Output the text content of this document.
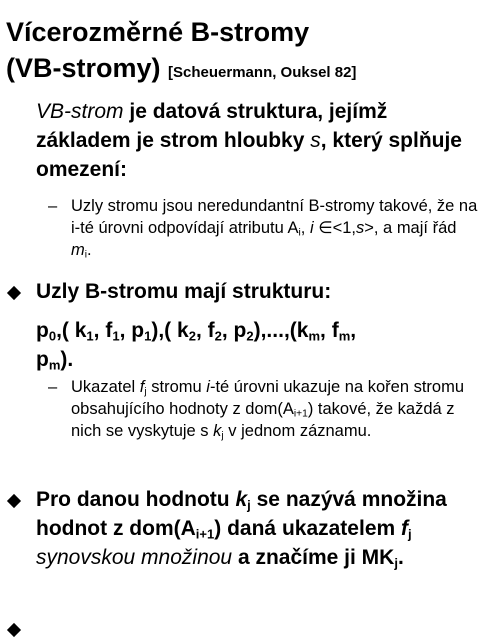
Vícerozměrné B-stromy
(VB-stromy) [Scheuermann, Ouksel 82]
VB-strom je datová struktura, jejímž základem je strom hloubky s, který splňuje omezení:
– Uzly stromu jsou neredundantní B-stromy takové, že na i-té úrovni odpovídají atributu $A_i$, i ∈<1,s>, a mají řád $m_i$.
Uzly B-stromu mají strukturu:
$p_0$,( $k_1$, $f_1$, $p_1$),( $k_2$, $f_2$, $p_2),...,(k_m$, $f_m$,
$p_m$).
– Ukazatel $f_j$ stromu i-té úrovni ukazuje na kořen stromu obsahujícího hodnoty z $dom(A_{i+1})$ takové, že každá z nich se vyskytuje s $k_j$ v jednom záznamu.
Pro danou hodnotu $k_j$ se nazývá množina hodnot z $dom(A_{i+1})$ daná ukazatelem $f_j$ synovskou množinou a značíme ji $MK_j$.
